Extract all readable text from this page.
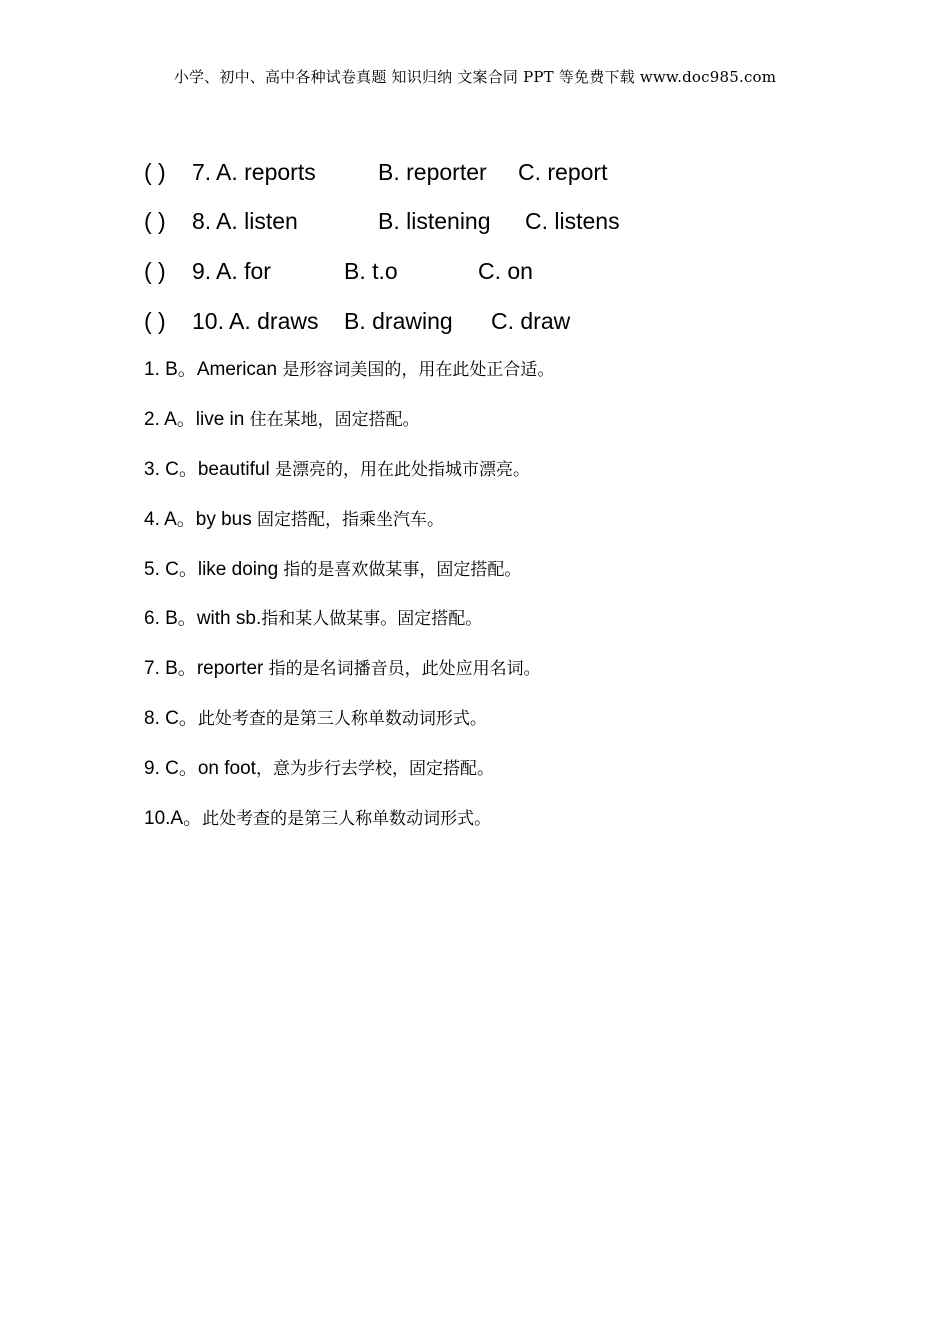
小学、初中、高中各种试卷真题 知识归纳 文案合同 PPT 等免费下载 www.doc985.com
( ) 7. A. reports	B. reporter C. report
( ) 8. A. listen	B. listening C. listens
( ) 9. A. for	B. t.o	C. on
( ) 10. A. draws B. drawing C. draw
1. B。American 是形容词美国的，用在此处正合适。
2. A。live in 住在某地，固定搭配。
3. C。beautiful 是漂亮的，用在此处指城市漂亮。
4. A。by bus 固定搭配，指乘坐汽车。
5. C。like doing 指的是喜欢做某事，固定搭配。
6. B。with sb.指和某人做某事。固定搭配。
7. B。reporter 指的是名词播音员，此处应用名词。
8. C。此处考查的是第三人称单数动词形式。
9. C。on foot，意为步行去学校，固定搭配。
10.A。此处考查的是第三人称单数动词形式。
